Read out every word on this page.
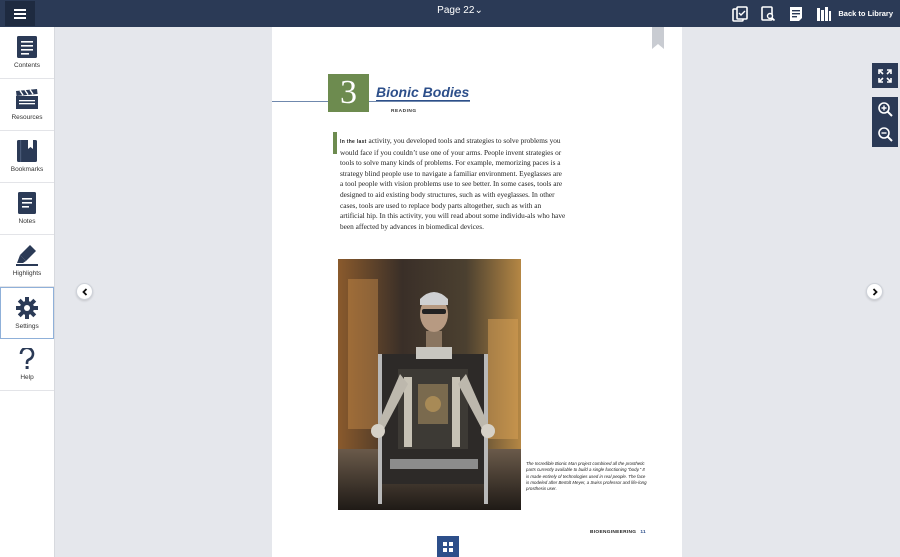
Page 22⌄	Back to Library
Contents
Resources
Bookmarks
Notes
Highlights
Settings
Help
3	Bionic Bodies
READING
In the last activity, you developed tools and strategies to solve problems you would face if you couldn’t use one of your arms. People invent strategies or tools to solve many kinds of problems. For example, memorizing paces is a strategy blind people use to navigate a familiar environment. Eyeglasses are a tool people with vision problems use to see better. In some cases, tools are designed to aid existing body structures, such as with eyeglasses. In other cases, tools are used to replace body parts altogether, such as with an artificial hip. In this activity, you will read about some individu-als who have been affected by advances in biomedical devices.
The Incredible Bionic Man project combined all the prosthetic parts currently available to build a single functioning “body.” It is made entirely of technologies used in real people. The face is modeled after Bertolt Meyer, a Swiss professor and life-long prosthesis user.
BIOENGINEERING 11
